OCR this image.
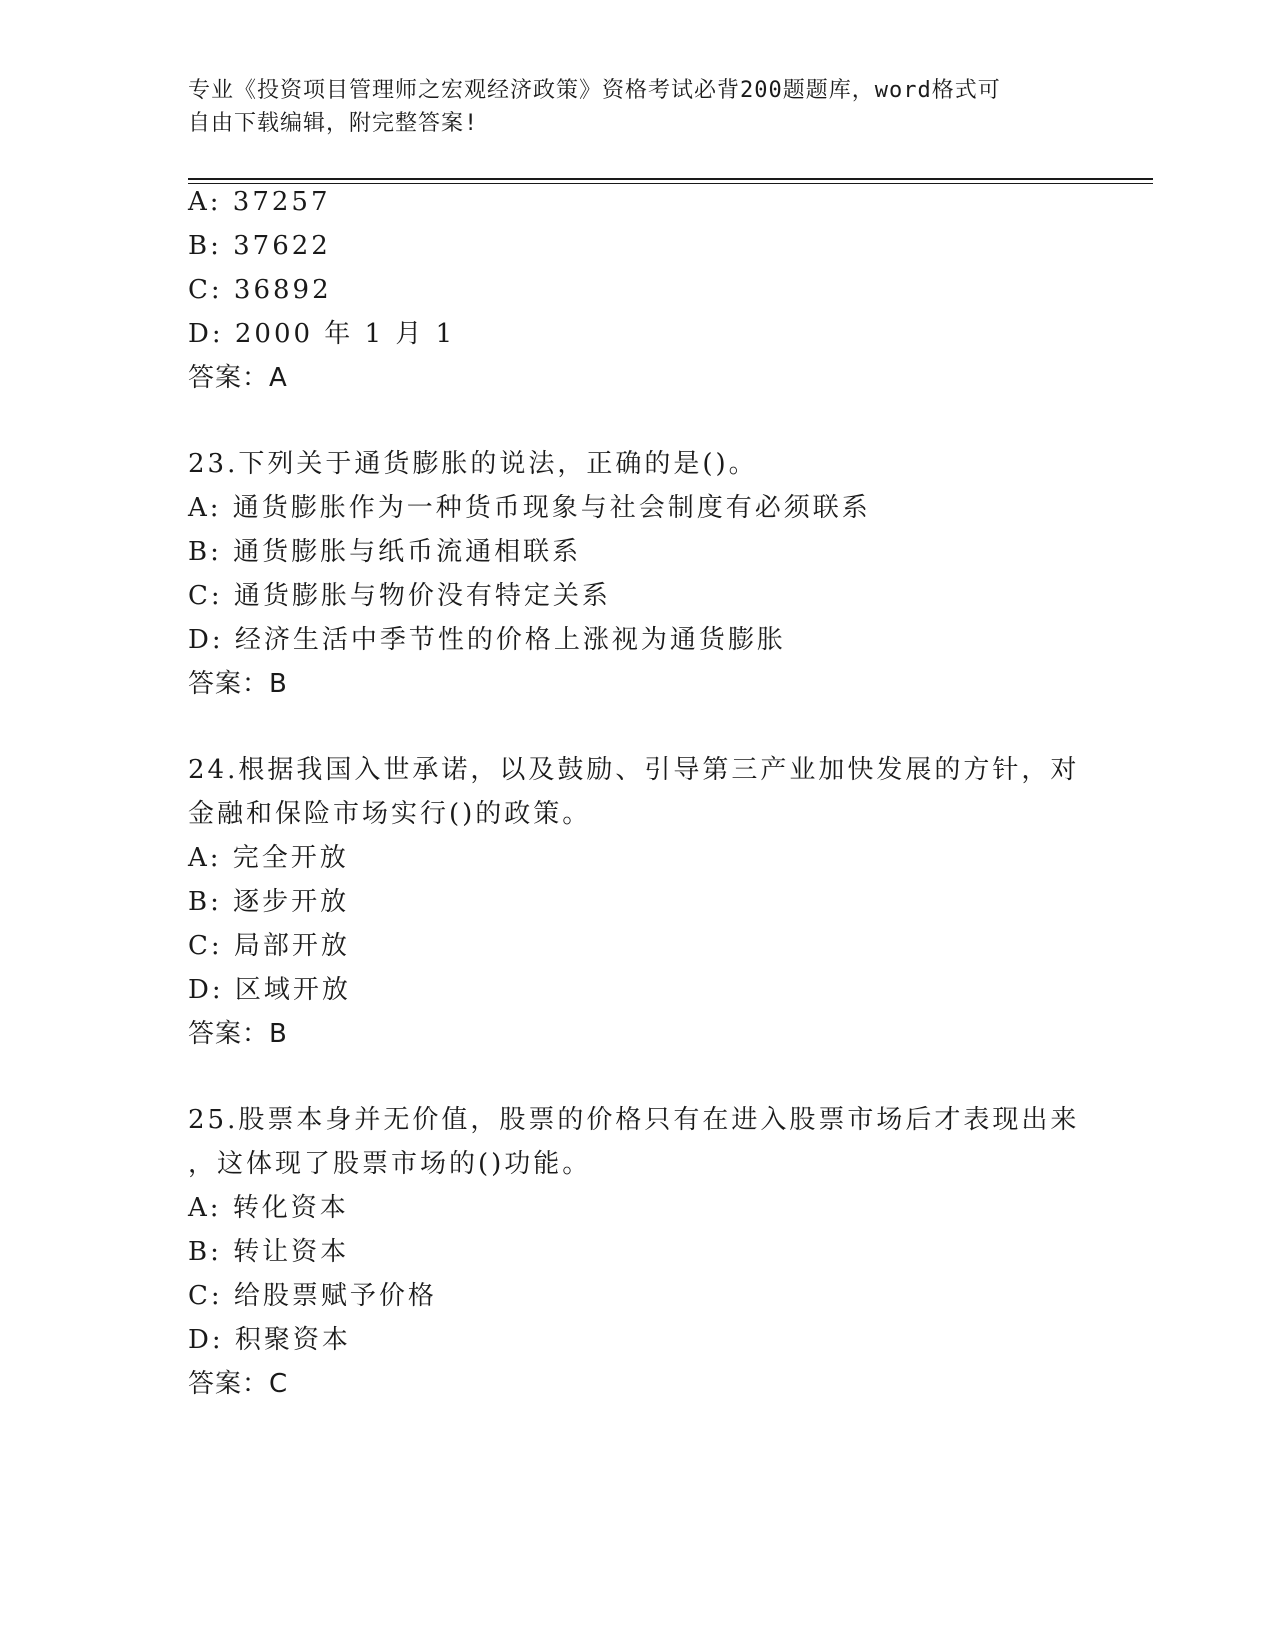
专业《投资项目管理师之宏观经济政策》资格考试必背200题题库，word格式可
自由下载编辑，附完整答案!
A: 37257
B: 37622
C: 36892
D: 2000 年 1 月 1
答案：A
23.下列关于通货膨胀的说法，正确的是()。
A: 通货膨胀作为一种货币现象与社会制度有必须联系
B: 通货膨胀与纸币流通相联系
C: 通货膨胀与物价没有特定关系
D: 经济生活中季节性的价格上涨视为通货膨胀
答案：B
24.根据我国入世承诺，以及鼓励、引导第三产业加快发展的方针，对
金融和保险市场实行()的政策。
A: 完全开放
B: 逐步开放
C: 局部开放
D: 区域开放
答案：B
25.股票本身并无价值，股票的价格只有在进入股票市场后才表现出来
，这体现了股票市场的()功能。
A: 转化资本
B: 转让资本
C: 给股票赋予价格
D: 积聚资本
答案：C
